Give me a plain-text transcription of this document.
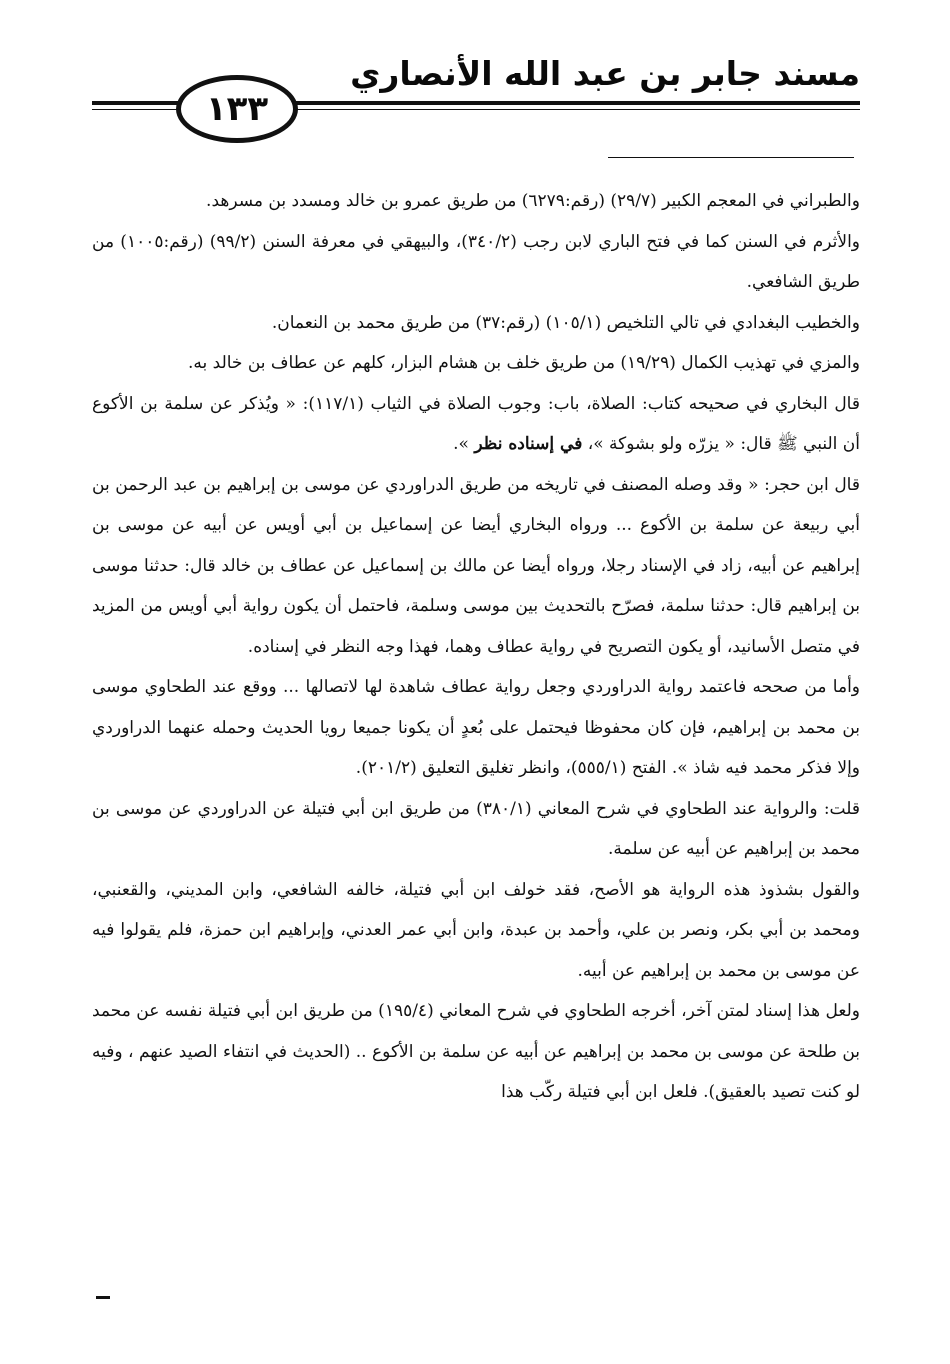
مسند جابر بن عبد الله الأنصاري
١٣٣

والطبراني في المعجم الكبير (٢٩/٧) (رقم:٦٢٧٩) من طريق عمرو بن خالد ومسدد بن مسرهد.

والأثرم في السنن كما في فتح الباري لابن رجب (٣٤٠/٢)، والبيهقي في معرفة السنن (٩٩/٢) (رقم:١٠٠٥) من طريق الشافعي.

والخطيب البغدادي في تالي التلخيص (١٠٥/١) (رقم:٣٧) من طريق محمد بن النعمان.

والمزي في تهذيب الكمال (١٩/٢٩) من طريق خلف بن هشام البزار، كلهم عن عطاف بن خالد به.

قال البخاري في صحيحه كتاب: الصلاة، باب: وجوب الصلاة في الثياب (١١٧/١): « ويُذكر عن سلمة بن الأكوع أن النبي ﷺ قال: « يزرّه ولو بشوكة »، في إسناده نظر ».

قال ابن حجر: « وقد وصله المصنف في تاريخه من طريق الدراوردي عن موسى بن إبراهيم بن عبد الرحمن بن أبي ربيعة عن سلمة بن الأكوع ... ورواه البخاري أيضا عن إسماعيل بن أبي أويس عن أبيه عن موسى بن إبراهيم عن أبيه، زاد في الإسناد رجلا، ورواه أيضا عن مالك بن إسماعيل عن عطاف بن خالد قال: حدثنا موسى بن إبراهيم قال: حدثنا سلمة، فصرّح بالتحديث بين موسى وسلمة، فاحتمل أن يكون رواية أبي أويس من المزيد في متصل الأسانيد، أو يكون التصريح في رواية عطاف وهما، فهذا وجه النظر في إسناده.

وأما من صححه فاعتمد رواية الدراوردي وجعل رواية عطاف شاهدة لها لاتصالها ... ووقع عند الطحاوي موسى بن محمد بن إبراهيم، فإن كان محفوظا فيحتمل على بُعدٍ أن يكونا جميعا رويا الحديث وحمله عنهما الدراوردي وإلا فذكر محمد فيه شاذ ». الفتح (٥٥٥/١)، وانظر تغليق التعليق (٢٠١/٢).

قلت: والرواية عند الطحاوي في شرح المعاني (٣٨٠/١) من طريق ابن أبي فتيلة عن الدراوردي عن موسى بن محمد بن إبراهيم عن أبيه عن سلمة.

والقول بشذوذ هذه الرواية هو الأصح، فقد خولف ابن أبي فتيلة، خالفه الشافعي، وابن المديني، والقعنبي، ومحمد بن أبي بكر، ونصر بن علي، وأحمد بن عبدة، وابن أبي عمر العدني، وإبراهيم ابن حمزة، فلم يقولوا فيه عن موسى بن محمد بن إبراهيم عن أبيه.

ولعل هذا إسناد لمتن آخر، أخرجه الطحاوي في شرح المعاني (١٩٥/٤) من طريق ابن أبي فتيلة نفسه عن محمد بن طلحة عن موسى بن محمد بن إبراهيم عن أبيه عن سلمة بن الأكوع .. (الحديث في انتفاء الصيد عنهم ، وفيه لو كنت تصيد بالعقيق). فلعل ابن أبي فتيلة ركّب هذا
